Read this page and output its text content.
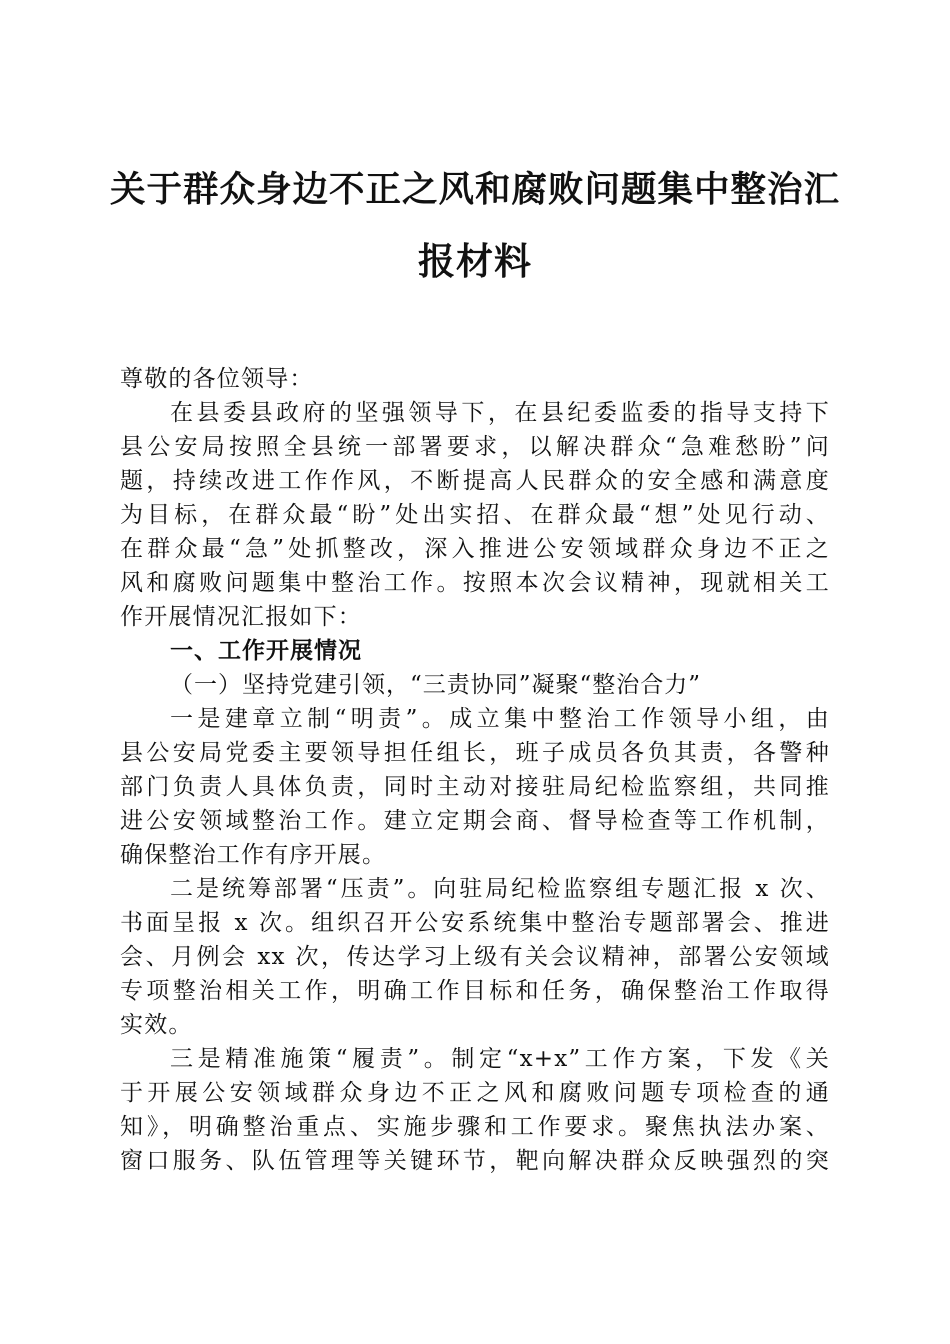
关于群众身边不正之风和腐败问题集中整治汇
报材料
尊敬的各位领导：
在县委县政府的坚强领导下，在县纪委监委的指导支持下
县公安局按照全县统一部署要求，以解决群众“急难愁盼”问
题，持续改进工作作风，不断提高人民群众的安全感和满意度
为目标，在群众最“盼”处出实招、在群众最“想”处见行动、
在群众最“急”处抓整改，深入推进公安领域群众身边不正之
风和腐败问题集中整治工作。按照本次会议精神，现就相关工
作开展情况汇报如下：
一、工作开展情况
（一）坚持党建引领，“三责协同”凝聚“整治合力”
一是建章立制“明责”。成立集中整治工作领导小组，由
县公安局党委主要领导担任组长，班子成员各负其责，各警种
部门负责人具体负责，同时主动对接驻局纪检监察组，共同推
进公安领域整治工作。建立定期会商、督导检查等工作机制，
确保整治工作有序开展。
二是统筹部署“压责”。向驻局纪检监察组专题汇报 x 次、
书面呈报 x 次。组织召开公安系统集中整治专题部署会、推进
会、月例会 xx 次，传达学习上级有关会议精神，部署公安领域
专项整治相关工作，明确工作目标和任务，确保整治工作取得
实效。
三是精准施策“履责”。制定“x+x”工作方案，下发《关
于开展公安领域群众身边不正之风和腐败问题专项检查的通
知》，明确整治重点、实施步骤和工作要求。聚焦执法办案、
窗口服务、队伍管理等关键环节，靶向解决群众反映强烈的突
